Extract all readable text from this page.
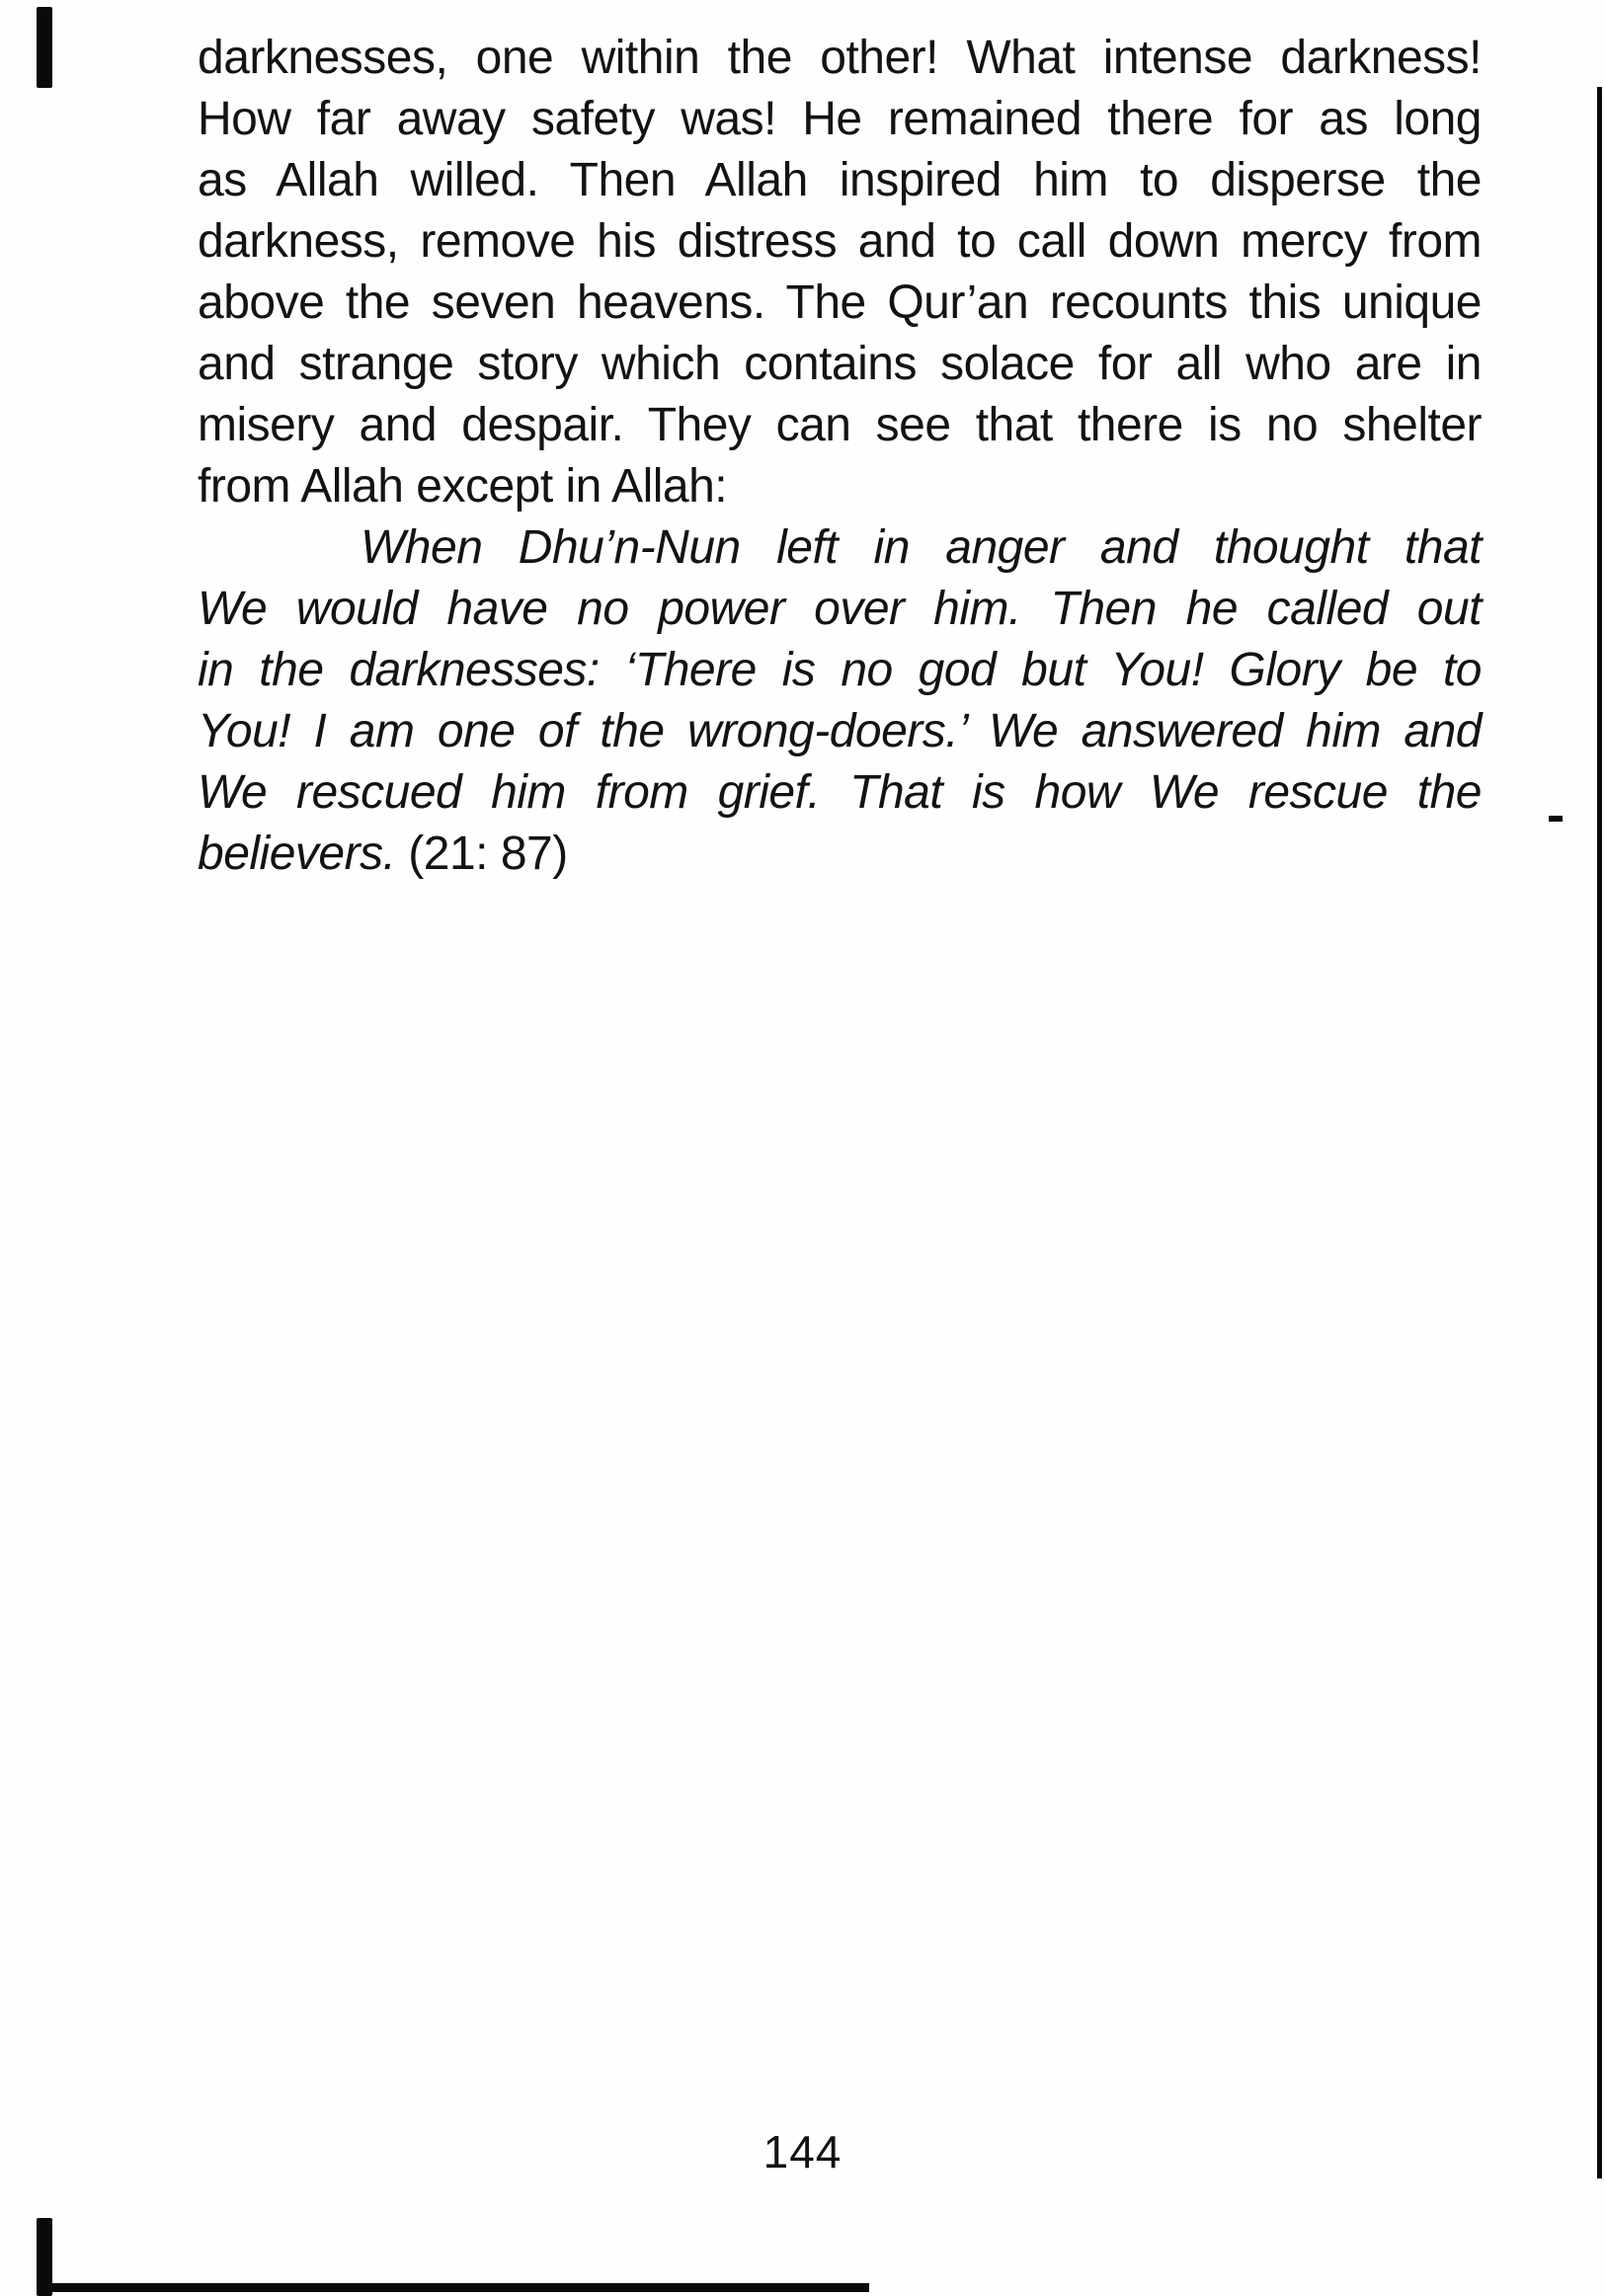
darknesses, one within the other! What intense darkness!

How far away safety was! He remained there for as long

as Allah willed. Then Allah inspired him to disperse the

darkness, remove his distress and to call down mercy from

above the seven heavens. The Qur’an recounts this unique

and strange story which contains solace for all who are in

misery and despair. They can see that there is no shelter

from Allah except in Allah:

When Dhu’n-Nun left in anger and thought that

We would have no power over him. Then he called out

in the darknesses: ‘There is no god but You! Glory be to

You! I am one of the wrong-doers.’ We answered him and

We rescued him from grief. That is how We rescue the

believers. (21: 87)

144
